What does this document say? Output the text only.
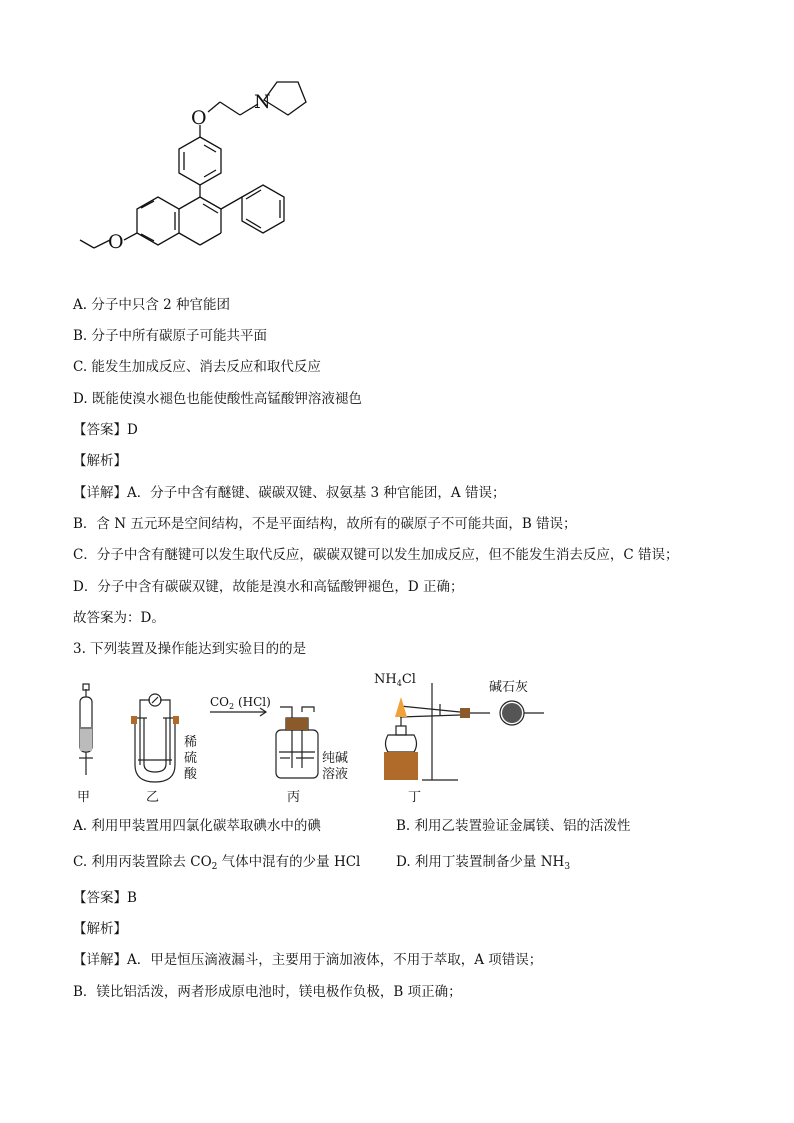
N
O
O
A. 分子中只含 2 种官能团
B. 分子中所有碳原子可能共平面
C. 能发生加成反应、消去反应和取代反应
D. 既能使溴水褪色也能使酸性高锰酸钾溶液褪色
【答案】D
【解析】
【详解】A．分子中含有醚键、碳碳双键、叔氨基 3 种官能团，A 错误；
B．含 N 五元环是空间结构，不是平面结构，故所有的碳原子不可能共面，B 错误；
C．分子中含有醚键可以发生取代反应，碳碳双键可以发生加成反应，但不能发生消去反应，C 错误；
D．分子中含有碳碳双键，故能是溴水和高锰酸钾褪色，D 正确；
故答案为：D。
3. 下列装置及操作能达到实验目的的是
甲	乙	丙	丁
稀
硫
酸
$CO_2$ (HCl)
纯碱
溶液
$NH_4Cl$
碱石灰
A. 利用甲装置用四氯化碳萃取碘水中的碘	B. 利用乙装置验证金属镁、铝的活泼性
C. 利用丙装置除去 $CO_2$ 气体中混有的少量 HCl	D. 利用丁装置制备少量 $NH_3$
【答案】B
【解析】
【详解】A．甲是恒压滴液漏斗，主要用于滴加液体，不用于萃取，A 项错误；
B．镁比铝活泼，两者形成原电池时，镁电极作负极，B 项正确；
